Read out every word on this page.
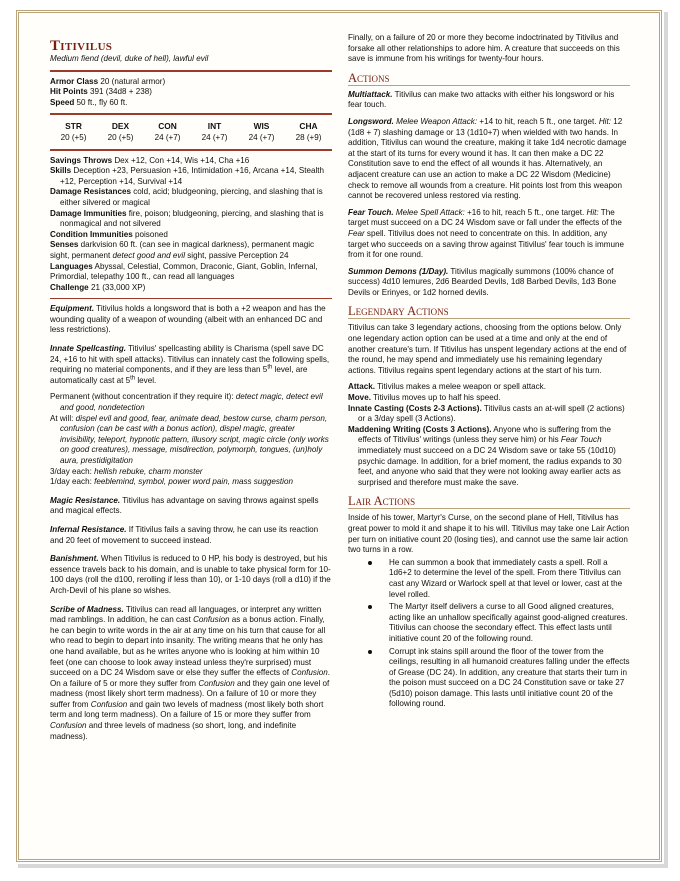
Titivilus
Medium fiend (devil, duke of hell), lawful evil

Armor Class 20 (natural armor)

Hit Points 391 (34d8 + 238)

Speed 50 ft., fly 60 ft.

STR	DEX	CON	INT	WIS	CHA
20 (+5)	20 (+5)	24 (+7)	24 (+7)	24 (+7)	28 (+9)

Savings Throws Dex +12, Con +14, Wis +14, Cha +16

Skills Deception +23, Persuasion +16, Intimidation +16, Arcana +14, Stealth +12, Perception +14, Survival +14

Damage Resistances cold, acid; bludgeoning, piercing, and slashing that is either silvered or magical

Damage Immunities fire, poison; bludgeoning, piercing, and slashing that is nonmagical and not silvered

Condition Immunities poisoned

Senses darkvision 60 ft. (can see in magical darkness), permanent magic sight, permanent detect good and evil sight, passive Perception 24

Languages Abyssal, Celestial, Common, Draconic, Giant, Goblin, Infernal, Primordial, telepathy 100 ft., can read all languages

Challenge 21 (33,000 XP)

Equipment. Titivilus holds a longsword that is both a +2 weapon and has the wounding quality of a weapon of wounding (albeit with an enhanced DC and less restrictions).

Innate Spellcasting. Titivilus' spellcasting ability is Charisma (spell save DC 24, +16 to hit with spell attacks). Titivilus can innately cast the following spells, requiring no material components, and if they are less than 5th level, are automatically cast at 5th level.

Permanent (without concentration if they require it): detect magic, detect evil and good, nondetection

At will: dispel evil and good, fear, animate dead, bestow curse, charm person, confusion (can be cast with a bonus action), dispel magic, greater invisibility, teleport, hypnotic pattern, illusory script, magic circle (only works on good creatures), message, misdirection, polymorph, tongues, (un)holy aura, prestidigitation

3/day each: hellish rebuke, charm monster

1/day each: feeblemind, symbol, power word pain, mass suggestion

Magic Resistance. Titivilus has advantage on saving throws against spells and magical effects.

Infernal Resistance. If Titivilus fails a saving throw, he can use its reaction and 20 feet of movement to succeed instead.

Banishment. When Titivilus is reduced to 0 HP, his body is destroyed, but his essence travels back to his domain, and is unable to take physical form for 10-100 days (roll the d100, rerolling if less than 10), or 1-10 days (roll a d10) if the Arch-Devil of his plane so wishes.

Scribe of Madness. Titivilus can read all languages, or interpret any written mad ramblings. In addition, he can cast Confusion as a bonus action. Finally, he can begin to write words in the air at any time on his turn that cause for all who read to begin to depart into insanity. The writing means that he only has one hand available, but as he writes anyone who is looking at him within 10 feet (one can choose to look away instead unless they're surprised) must succeed on a DC 24 Wisdom save or else they suffer the effects of Confusion. On a failure of 5 or more they suffer from Confusion and they gain one level of madness (most likely short term madness). On a failure of 10 or more they suffer from Confusion and gain two levels of madness (most likely both short term and long term madness). On a failure of 15 or more they suffer from Confusion and three levels of madness (so short, long, and indefinite madness).

Finally, on a failure of 20 or more they become indoctrinated by Titivilus and forsake all other relationships to adore him. A creature that succeeds on this save is immune from his writings for twenty-four hours.

Actions

Multiattack. Titivilus can make two attacks with either his longsword or his fear touch.

Longsword. Melee Weapon Attack: +14 to hit, reach 5 ft., one target. Hit: 12 (1d8 + 7) slashing damage or 13 (1d10+7) when wielded with two hands. In addition, Titivilus can wound the creature, making it take 1d4 necrotic damage at the start of its turns for every wound it has. It can then make a DC 22 Constitution save to end the effect of all wounds it has. Alternatively, an adjacent creature can use an action to make a DC 22 Wisdom (Medicine) check to remove all wounds from a creature. Hit points lost from this weapon cannot be recovered unless restored via resting.

Fear Touch. Melee Spell Attack: +16 to hit, reach 5 ft., one target. Hit: The target must succeed on a DC 24 Wisdom save or fall under the effects of the Fear spell. Titivilus does not need to concentrate on this. In addition, any target who succeeds on a saving throw against Titivilus' fear touch is immune from it for one round.

Summon Demons (1/Day). Titivilus magically summons (100% chance of success) 4d10 lemures, 2d6 Bearded Devils, 1d8 Barbed Devils, 1d3 Bone Devils or Erinyes, or 1d2 horned devils.

Legendary Actions

Titivilus can take 3 legendary actions, choosing from the options below. Only one legendary action option can be used at a time and only at the end of another creature's turn. If Titivilus has unspent legendary actions at the end of the round, he may spend and immediately use his remaining legendary actions. Titivilus regains spent legendary actions at the start of his turn.

Attack. Titivilus makes a melee weapon or spell attack.

Move. Titivilus moves up to half his speed.

Innate Casting (Costs 2-3 Actions). Titivilus casts an at-will spell (2 actions) or a 3/day spell (3 Actions).

Maddening Writing (Costs 3 Actions). Anyone who is suffering from the effects of Titivilus' writings (unless they serve him) or his Fear Touch immediately must succeed on a DC 24 Wisdom save or take 55 (10d10) psychic damage. In addition, for a brief moment, the radius expands to 30 feet, and anyone who said that they were not looking away earlier acts as surprised and therefore must make the save.

Lair Actions

Inside of his tower, Martyr's Curse, on the second plane of Hell, Titivilus has great power to mold it and shape it to his will. Titivilus may take one Lair Action per turn on initiative count 20 (losing ties), and cannot use the same lair action two turns in a row.

He can summon a book that immediately casts a spell. Roll a 1d6+2 to determine the level of the spell. From there Titivilus can cast any Wizard or Warlock spell at that level or lower, cast at the level rolled.
The Martyr itself delivers a curse to all Good aligned creatures, acting like an unhallow specifically against good-aligned creatures. Titivilus can choose the secondary effect. This effect lasts until initiative count 20 of the following round.
Corrupt ink stains spill around the floor of the tower from the ceilings, resulting in all humanoid creatures falling under the effects of Grease (DC 24). In addition, any creature that starts their turn in the poison must succeed on a DC 24 Constitution save or take 27 (5d10) poison damage. This lasts until initiative count 20 of the following round.
